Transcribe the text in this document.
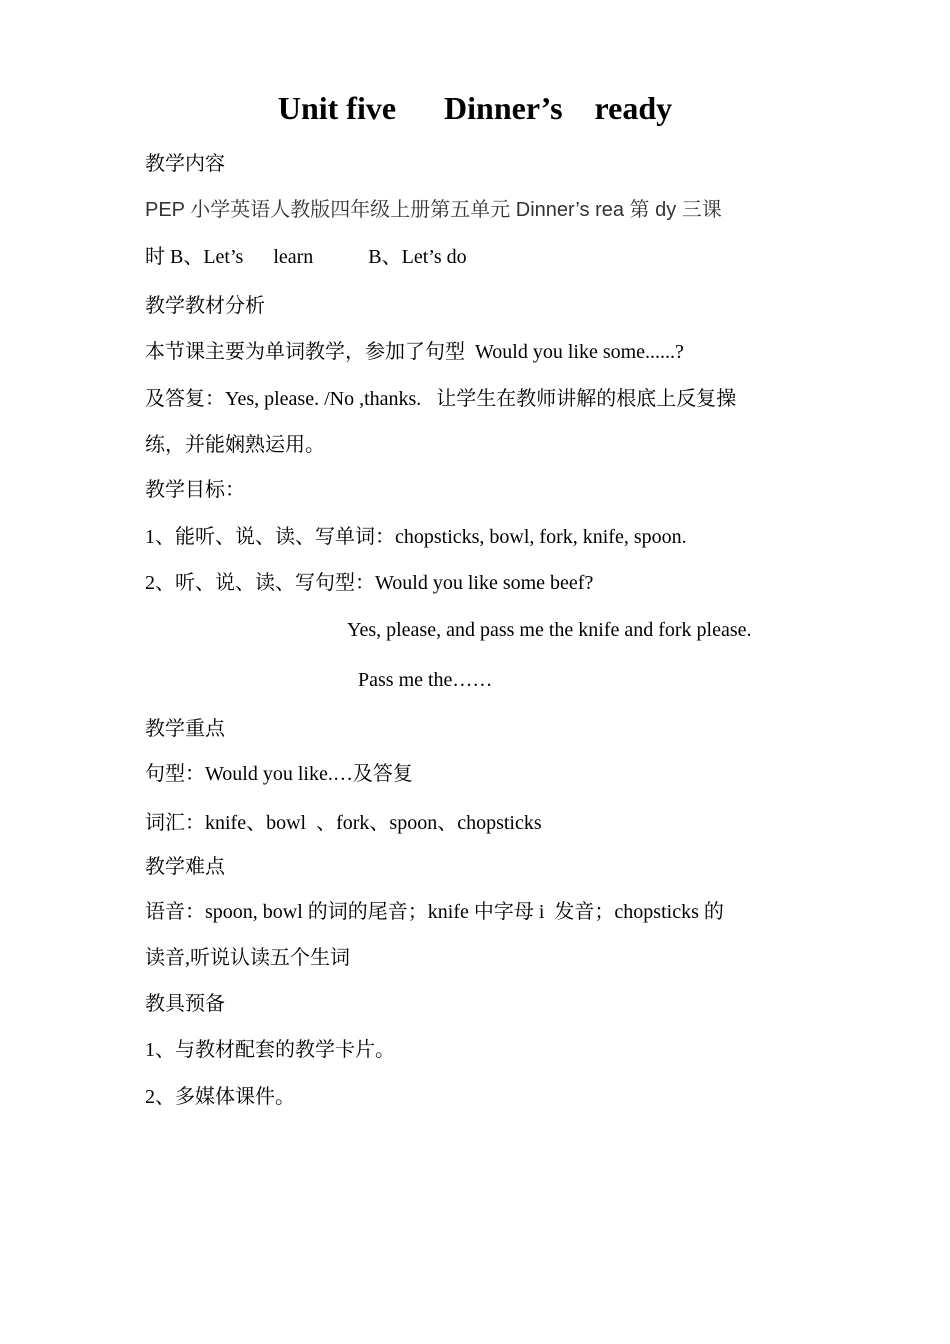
Unit five      Dinner’s    ready
教学内容
PEP 小学英语人教版四年级上册第五单元 Dinner’s rea 第 dy 三课
时 B、Let’s      learn           B、Let’s do
教学教材分析
本节课主要为单词教学，参加了句型  Would you like some......?
及答复：Yes, please. /No ,thanks.   让学生在教师讲解的根底上反复操
练，并能娴熟运用。
教学目标：
1、能听、说、读、写单词：chopsticks, bowl, fork, knife, spoon.
2、听、说、读、写句型：Would you like some beef?
Yes, please, and pass me the knife and fork please.
Pass me the……
教学重点
句型：Would you like.…及答复
词汇：knife、bowl  、fork、spoon、chopsticks
教学难点
语音：spoon, bowl 的词的尾音；knife 中字母 i  发音；chopsticks 的
读音,听说认读五个生词
教具预备
1、与教材配套的教学卡片。
2、多媒体课件。
